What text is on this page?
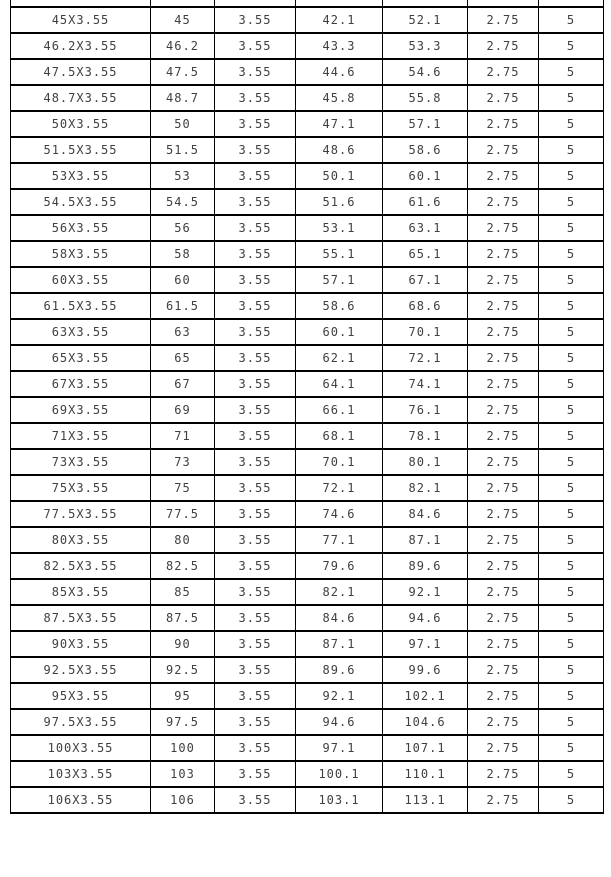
45X3.55	45	3.55	42.1	52.1	2.75	5
46.2X3.55	46.2	3.55	43.3	53.3	2.75	5
47.5X3.55	47.5	3.55	44.6	54.6	2.75	5
48.7X3.55	48.7	3.55	45.8	55.8	2.75	5
50X3.55	50	3.55	47.1	57.1	2.75	5
51.5X3.55	51.5	3.55	48.6	58.6	2.75	5
53X3.55	53	3.55	50.1	60.1	2.75	5
54.5X3.55	54.5	3.55	51.6	61.6	2.75	5
56X3.55	56	3.55	53.1	63.1	2.75	5
58X3.55	58	3.55	55.1	65.1	2.75	5
60X3.55	60	3.55	57.1	67.1	2.75	5
61.5X3.55	61.5	3.55	58.6	68.6	2.75	5
63X3.55	63	3.55	60.1	70.1	2.75	5
65X3.55	65	3.55	62.1	72.1	2.75	5
67X3.55	67	3.55	64.1	74.1	2.75	5
69X3.55	69	3.55	66.1	76.1	2.75	5
71X3.55	71	3.55	68.1	78.1	2.75	5
73X3.55	73	3.55	70.1	80.1	2.75	5
75X3.55	75	3.55	72.1	82.1	2.75	5
77.5X3.55	77.5	3.55	74.6	84.6	2.75	5
80X3.55	80	3.55	77.1	87.1	2.75	5
82.5X3.55	82.5	3.55	79.6	89.6	2.75	5
85X3.55	85	3.55	82.1	92.1	2.75	5
87.5X3.55	87.5	3.55	84.6	94.6	2.75	5
90X3.55	90	3.55	87.1	97.1	2.75	5
92.5X3.55	92.5	3.55	89.6	99.6	2.75	5
95X3.55	95	3.55	92.1	102.1	2.75	5
97.5X3.55	97.5	3.55	94.6	104.6	2.75	5
100X3.55	100	3.55	97.1	107.1	2.75	5
103X3.55	103	3.55	100.1	110.1	2.75	5
106X3.55	106	3.55	103.1	113.1	2.75	5
